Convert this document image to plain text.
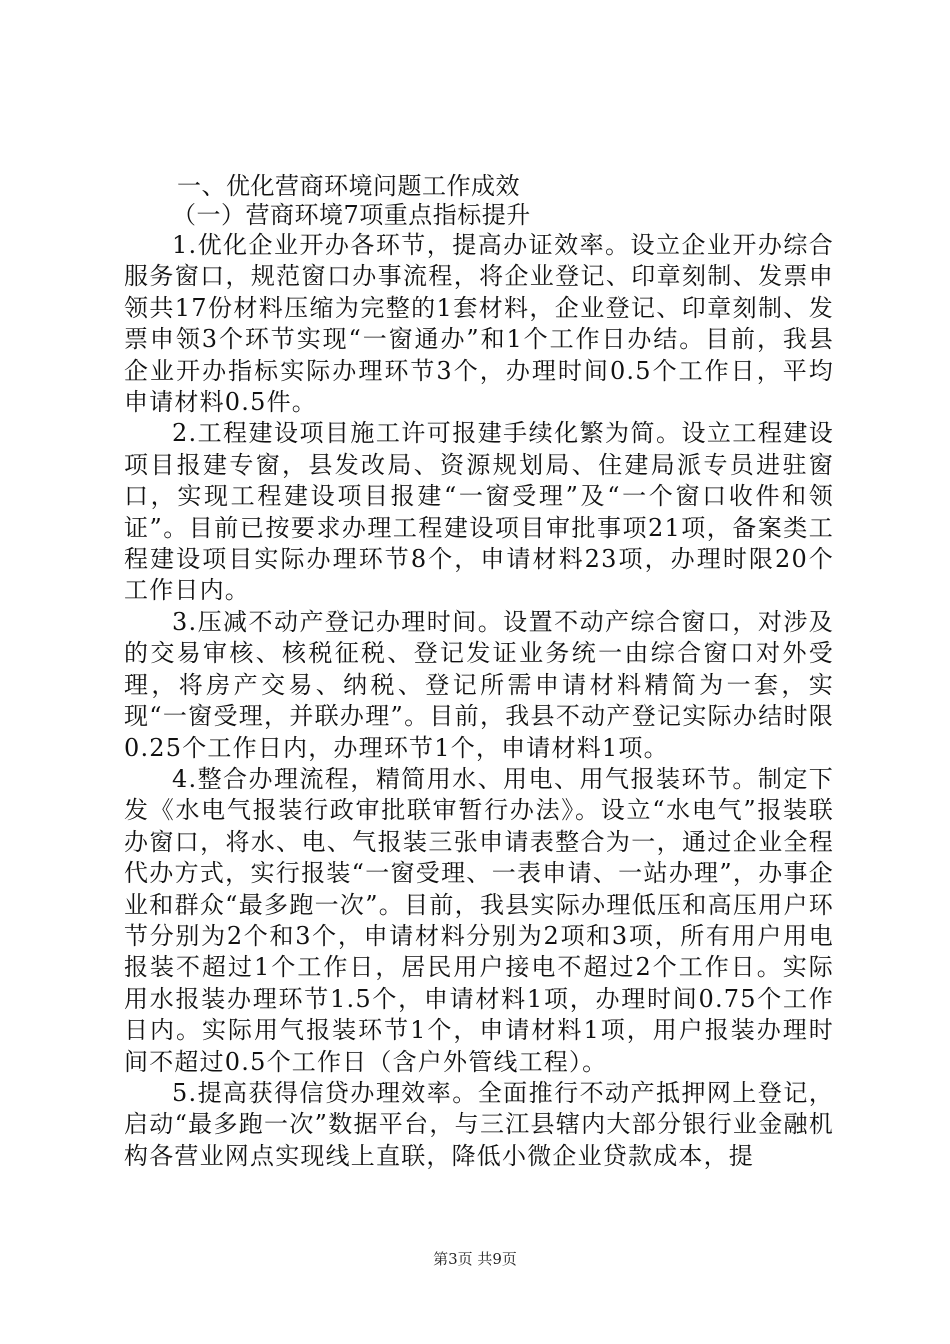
一、优化营商环境问题工作成效

（一）营商环境7项重点指标提升

1.优化企业开办各环节，提高办证效率。设立企业开办综合服务窗口，规范窗口办事流程，将企业登记、印章刻制、发票申领共17份材料压缩为完整的1套材料，企业登记、印章刻制、发票申领3个环节实现“一窗通办”和1个工作日办结。目前，我县企业开办指标实际办理环节3个，办理时间0.5个工作日，平均申请材料0.5件。

2.工程建设项目施工许可报建手续化繁为简。设立工程建设项目报建专窗，县发改局、资源规划局、住建局派专员进驻窗口，实现工程建设项目报建“一窗受理”及“一个窗口收件和领证”。目前已按要求办理工程建设项目审批事项21项，备案类工程建设项目实际办理环节8个，申请材料23项，办理时限20个工作日内。

3.压减不动产登记办理时间。设置不动产综合窗口，对涉及的交易审核、核税征税、登记发证业务统一由综合窗口对外受理，将房产交易、纳税、登记所需申请材料精简为一套，实现“一窗受理，并联办理”。目前，我县不动产登记实际办结时限0.25个工作日内，办理环节1个，申请材料1项。

4.整合办理流程，精简用水、用电、用气报装环节。制定下发《水电气报装行政审批联审暂行办法》。设立“水电气”报装联办窗口，将水、电、气报装三张申请表整合为一，通过企业全程代办方式，实行报装“一窗受理、一表申请、一站办理”，办事企业和群众“最多跑一次”。目前，我县实际办理低压和高压用户环节分别为2个和3个，申请材料分别为2项和3项，所有用户用电报装不超过1个工作日，居民用户接电不超过2个工作日。实际用水报装办理环节1.5个，申请材料1项，办理时间0.75个工作日内。实际用气报装环节1个，申请材料1项，用户报装办理时间不超过0.5个工作日（含户外管线工程）。

5.提高获得信贷办理效率。全面推行不动产抵押网上登记，启动“最多跑一次”数据平台，与三江县辖内大部分银行业金融机构各营业网点实现线上直联，降低小微企业贷款成本，提

第3页 共9页
